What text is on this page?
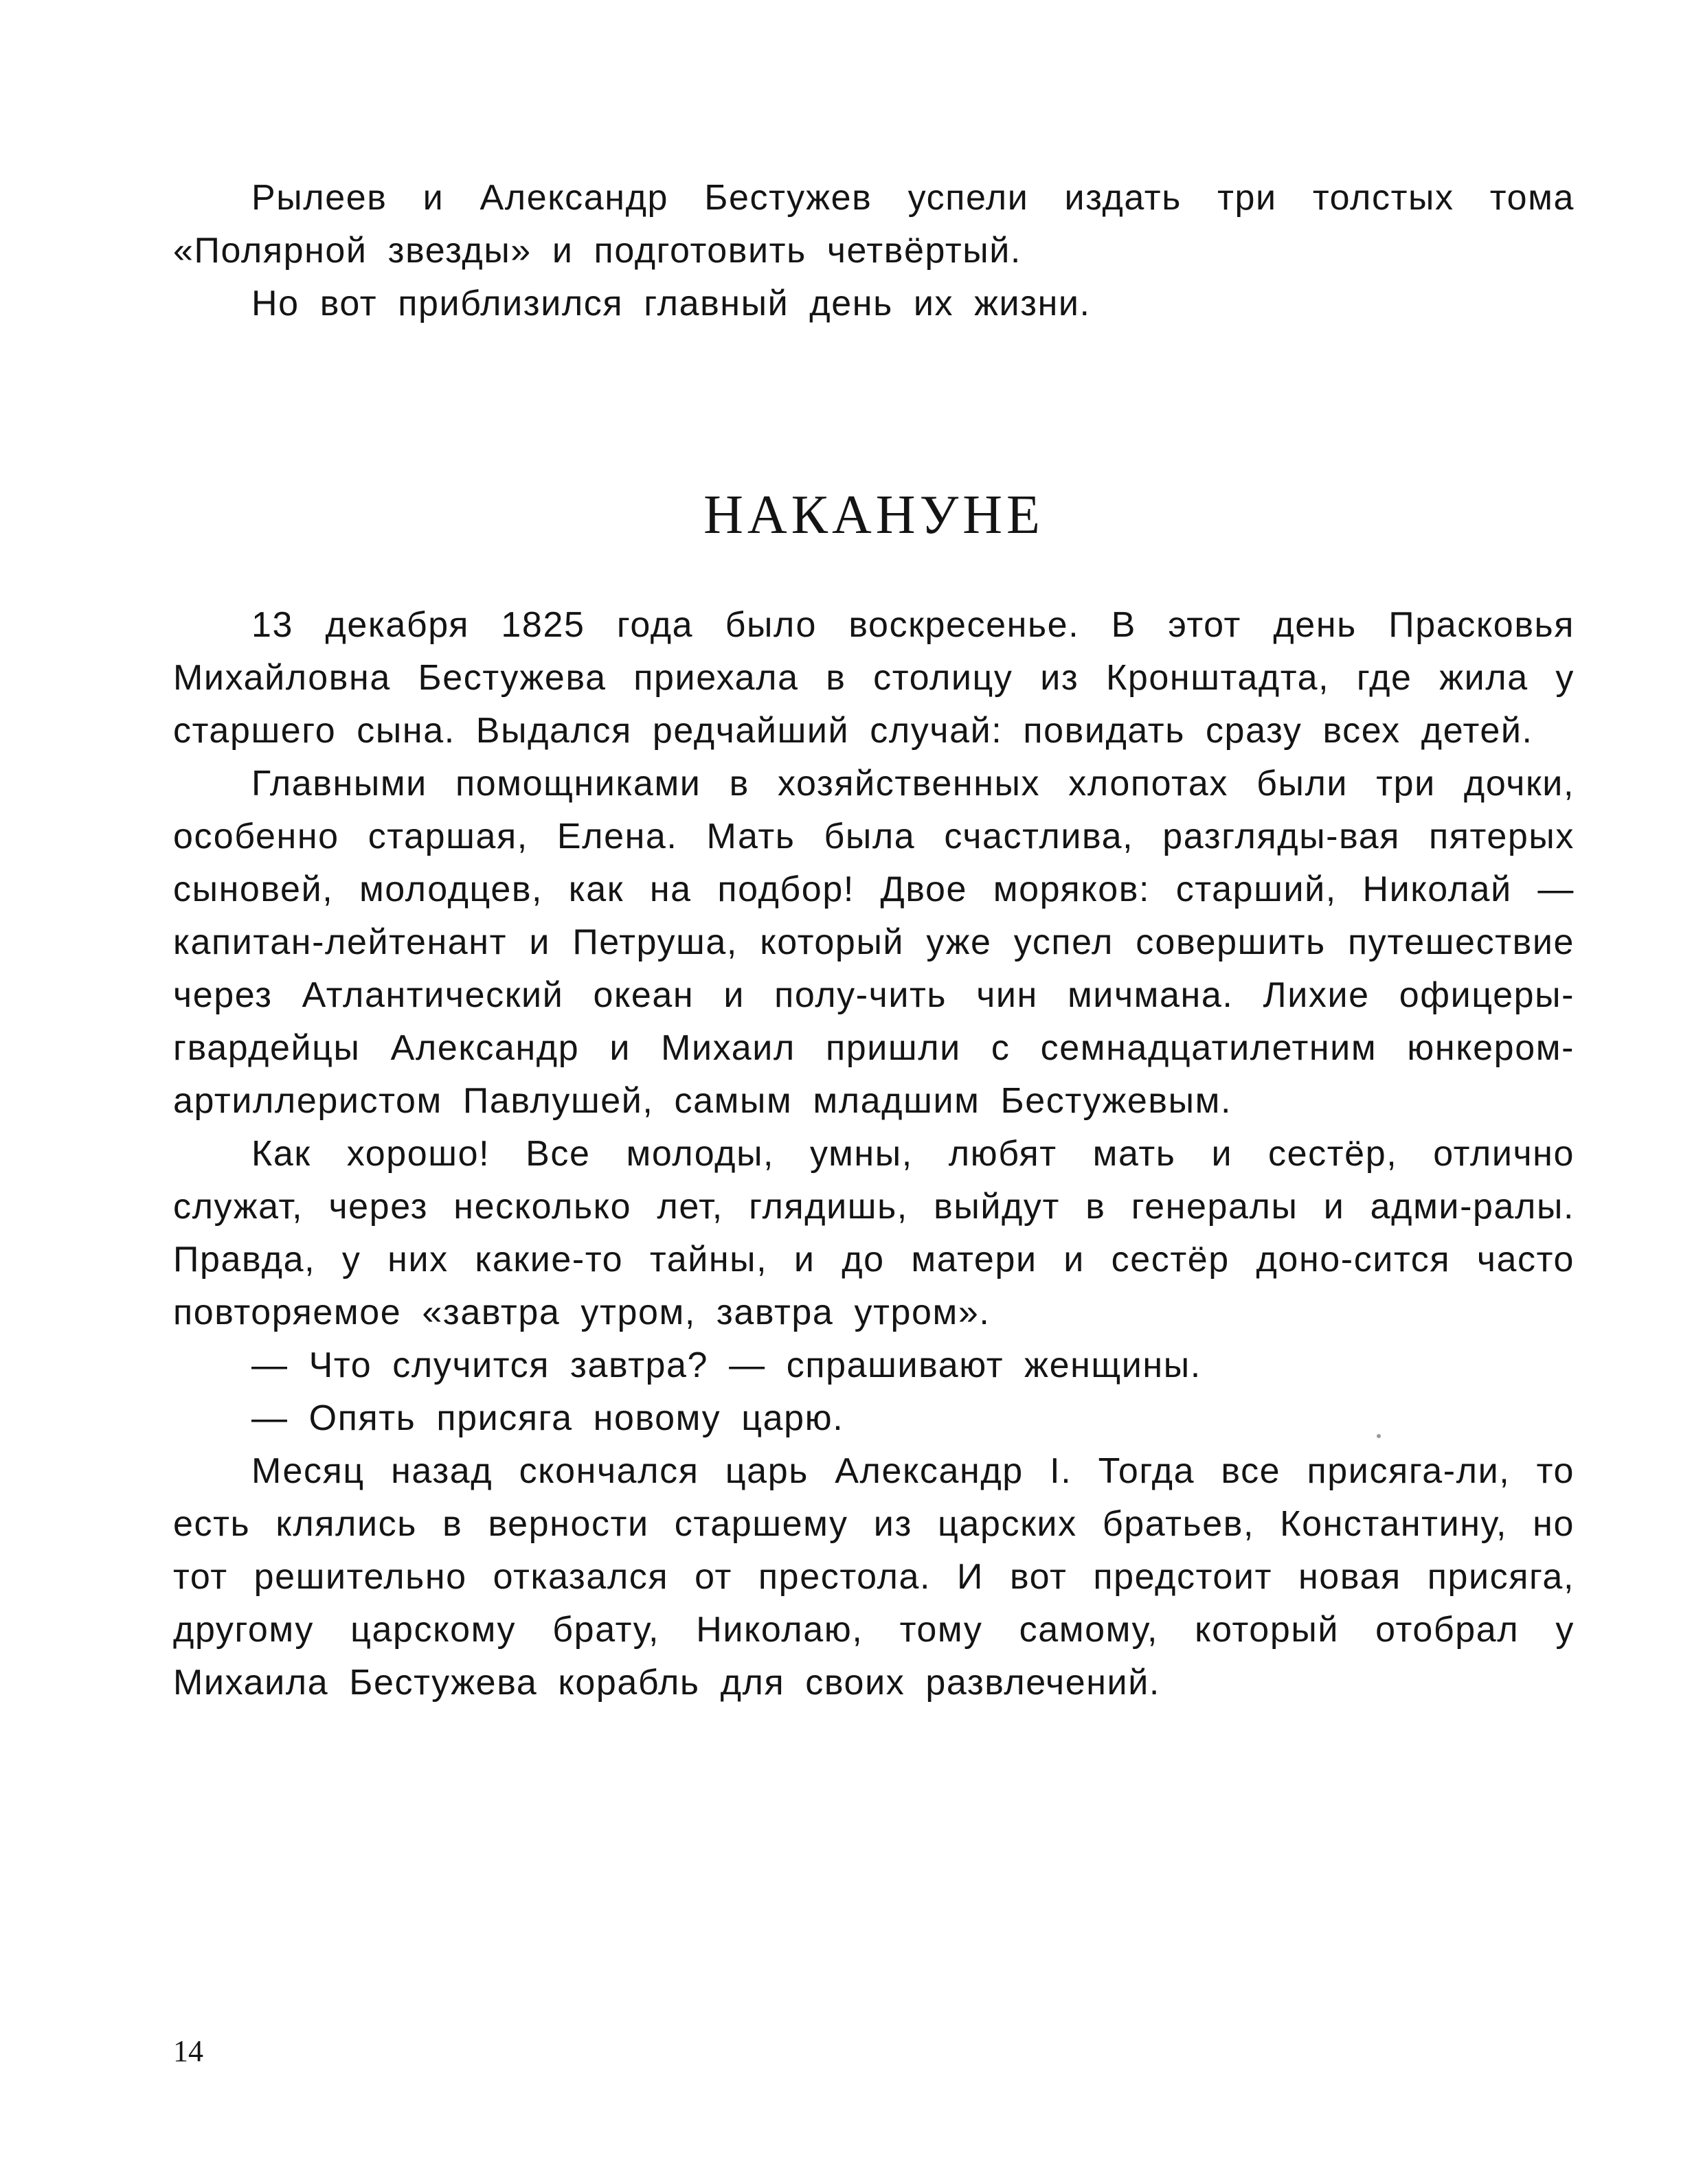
Рылеев и Александр Бестужев успели издать три толстых тома «Полярной звезды» и подготовить четвёртый.

Но вот приблизился главный день их жизни.

НАКАНУНЕ

13 декабря 1825 года было воскресенье. В этот день Прасковья Михайловна Бестужева приехала в столицу из Кронштадта, где жила у старшего сына. Выдался редчайший случай: повидать сразу всех детей.

Главными помощниками в хозяйственных хлопотах были три дочки, особенно старшая, Елена. Мать была счастлива, разгляды-вая пятерых сыновей, молодцев, как на подбор! Двое моряков: старший, Николай — капитан-лейтенант и Петруша, который уже успел совершить путешествие через Атлантический океан и полу-чить чин мичмана. Лихие офицеры-гвардейцы Александр и Михаил пришли с семнадцатилетним юнкером-артиллеристом Павлушей, самым младшим Бестужевым.

Как хорошо! Все молоды, умны, любят мать и сестёр, отлично служат, через несколько лет, глядишь, выйдут в генералы и адми-ралы. Правда, у них какие-то тайны, и до матери и сестёр доно-сится часто повторяемое «завтра утром, завтра утром».

— Что случится завтра? — спрашивают женщины.

— Опять присяга новому царю.

Месяц назад скончался царь Александр I. Тогда все присяга-ли, то есть клялись в верности старшему из царских братьев, Константину, но тот решительно отказался от престола. И вот предстоит новая присяга, другому царскому брату, Николаю, тому самому, который отобрал у Михаила Бестужева корабль для своих развлечений.

14
